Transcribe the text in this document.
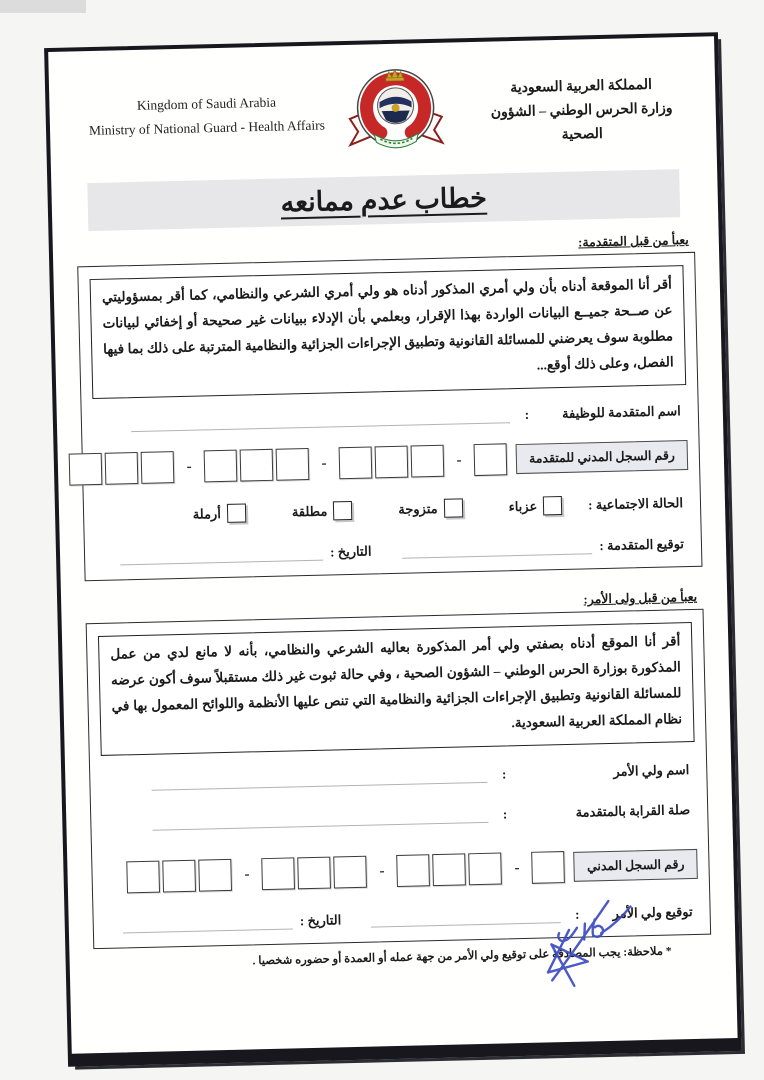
Kingdom of Saudi Arabia
Ministry of National Guard - Health Affairs
المملكة العربية السعودية
وزارة الحرس الوطني – الشؤون الصحية
خطاب عدم ممانعه
يعبأ من قبل المتقدمة:
أقر أنا الموقعة أدناه بأن ولي أمري المذكور أدناه هو ولي أمري الشرعي والنظامي، كما أقر بمسؤوليتي عن صــحة جميــع البيانات الواردة بهذا الإقرار، وبعلمي بأن الإدلاء ببيانات غير صحيحة أو إخفائي لبيانات مطلوبة سوف يعرضني للمسائلة القانونية وتطبيق الإجراءات الجزائية والنظامية المترتبة على ذلك بما فيها الفصل، وعلى ذلك أوقع...
اسم المتقدمة للوظيفة
:
رقم السجل المدني للمتقدمة
-
-
-
الحالة الاجتماعية :
عزباء
متزوجة
مطلقة
أرملة
توقيع المتقدمة :
التاريخ :
يعبأ من قبل ولى الأمر:
أقر أنا الموقع أدناه بصفتي ولي أمر المذكورة بعاليه الشرعي والنظامي، بأنه لا مانع لدي من عمل المذكورة بوزارة الحرس الوطني – الشؤون الصحية ، وفي حالة ثبوت غير ذلك مستقبلاً سوف أكون عرضه للمسائلة القانونية وتطبيق الإجراءات الجزائية والنظامية التي تنص عليها الأنظمة واللوائح المعمول بها في نظام المملكة العربية السعودية.
اسم ولي الأمر
:
صلة القرابة بالمتقدمة
:
رقم السجل المدني
-
-
-
توقيع ولي الأمر
:
التاريخ :
* ملاحظة: يجب المصادقة على توقيع ولي الأمر من جهة عمله أو العمدة أو حضوره شخصيا .
